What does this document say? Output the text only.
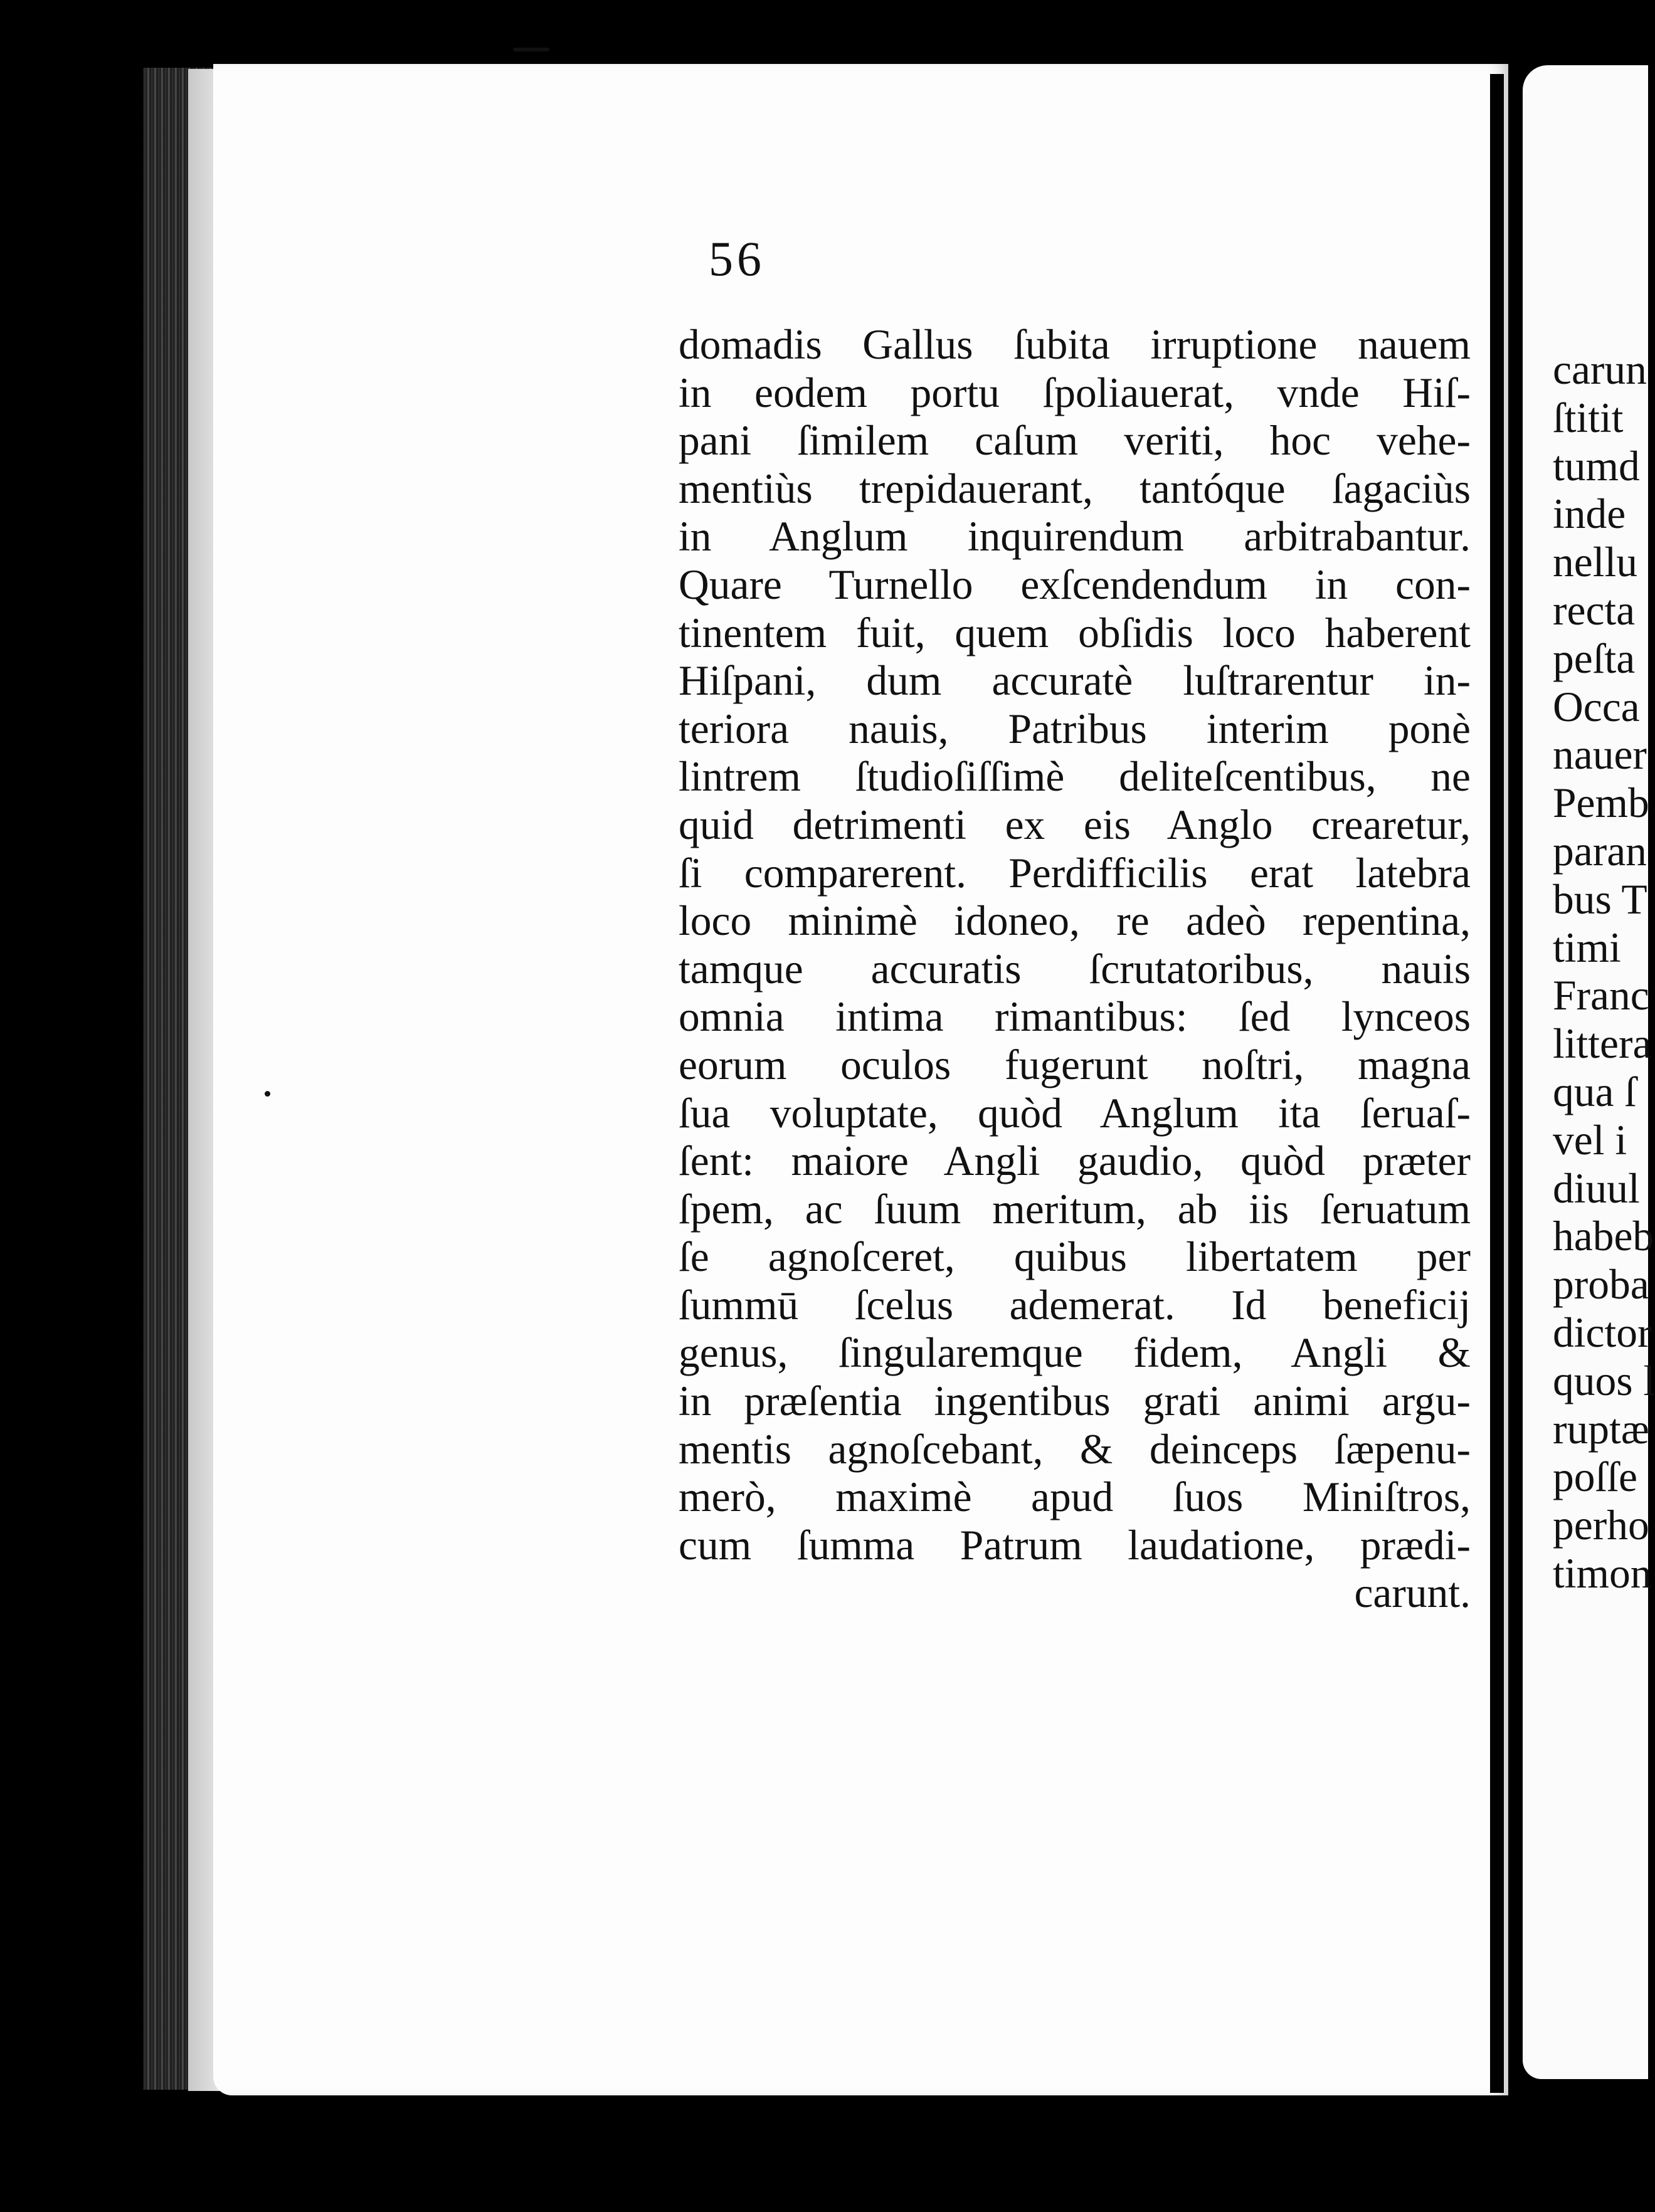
56
domadis Gallus ſubita irruptione nauem
in eodem portu ſpoliauerat, vnde Hiſ-
pani ſimilem caſum veriti, hoc vehe-
mentiùs trepidauerant, tantóque ſagaciùs
in Anglum inquirendum arbitrabantur.
Quare Turnello exſcendendum in con-
tinentem fuit, quem obſidis loco haberent
Hiſpani, dum accuratè luſtrarentur in-
teriora nauis, Patribus interim ponè
lintrem ſtudioſiſſimè deliteſcentibus, ne
quid detrimenti ex eis Anglo crearetur,
ſi comparerent. Perdifficilis erat latebra
loco minimè idoneo, re adeò repentina,
tamque accuratis ſcrutatoribus, nauis
omnia intima rimantibus: ſed lynceos
eorum oculos fugerunt noſtri, magna
ſua voluptate, quòd Anglum ita ſeruaſ-
ſent: maiore Angli gaudio, quòd præter
ſpem, ac ſuum meritum, ab iis ſeruatum
ſe agnoſceret, quibus libertatem per
ſummū ſcelus ademerat. Id beneficij
genus, ſingularemque fidem, Angli &
in præſentia ingentibus grati animi argu-
mentis agnoſcebant, & deinceps ſæpenu-
merò, maximè apud ſuos Miniſtros,
cum ſumma Patrum laudatione, prædi-
carunt.
carun
ſtitit
tumd
inde
nellu
recta
peſta
Occa
nauer
Pemb
paran
bus T
timi
Franc
littera
qua ſ
vel i
diuul
habeb
proba
dictor
quos l
ruptæ
poſſe
perho
timon
